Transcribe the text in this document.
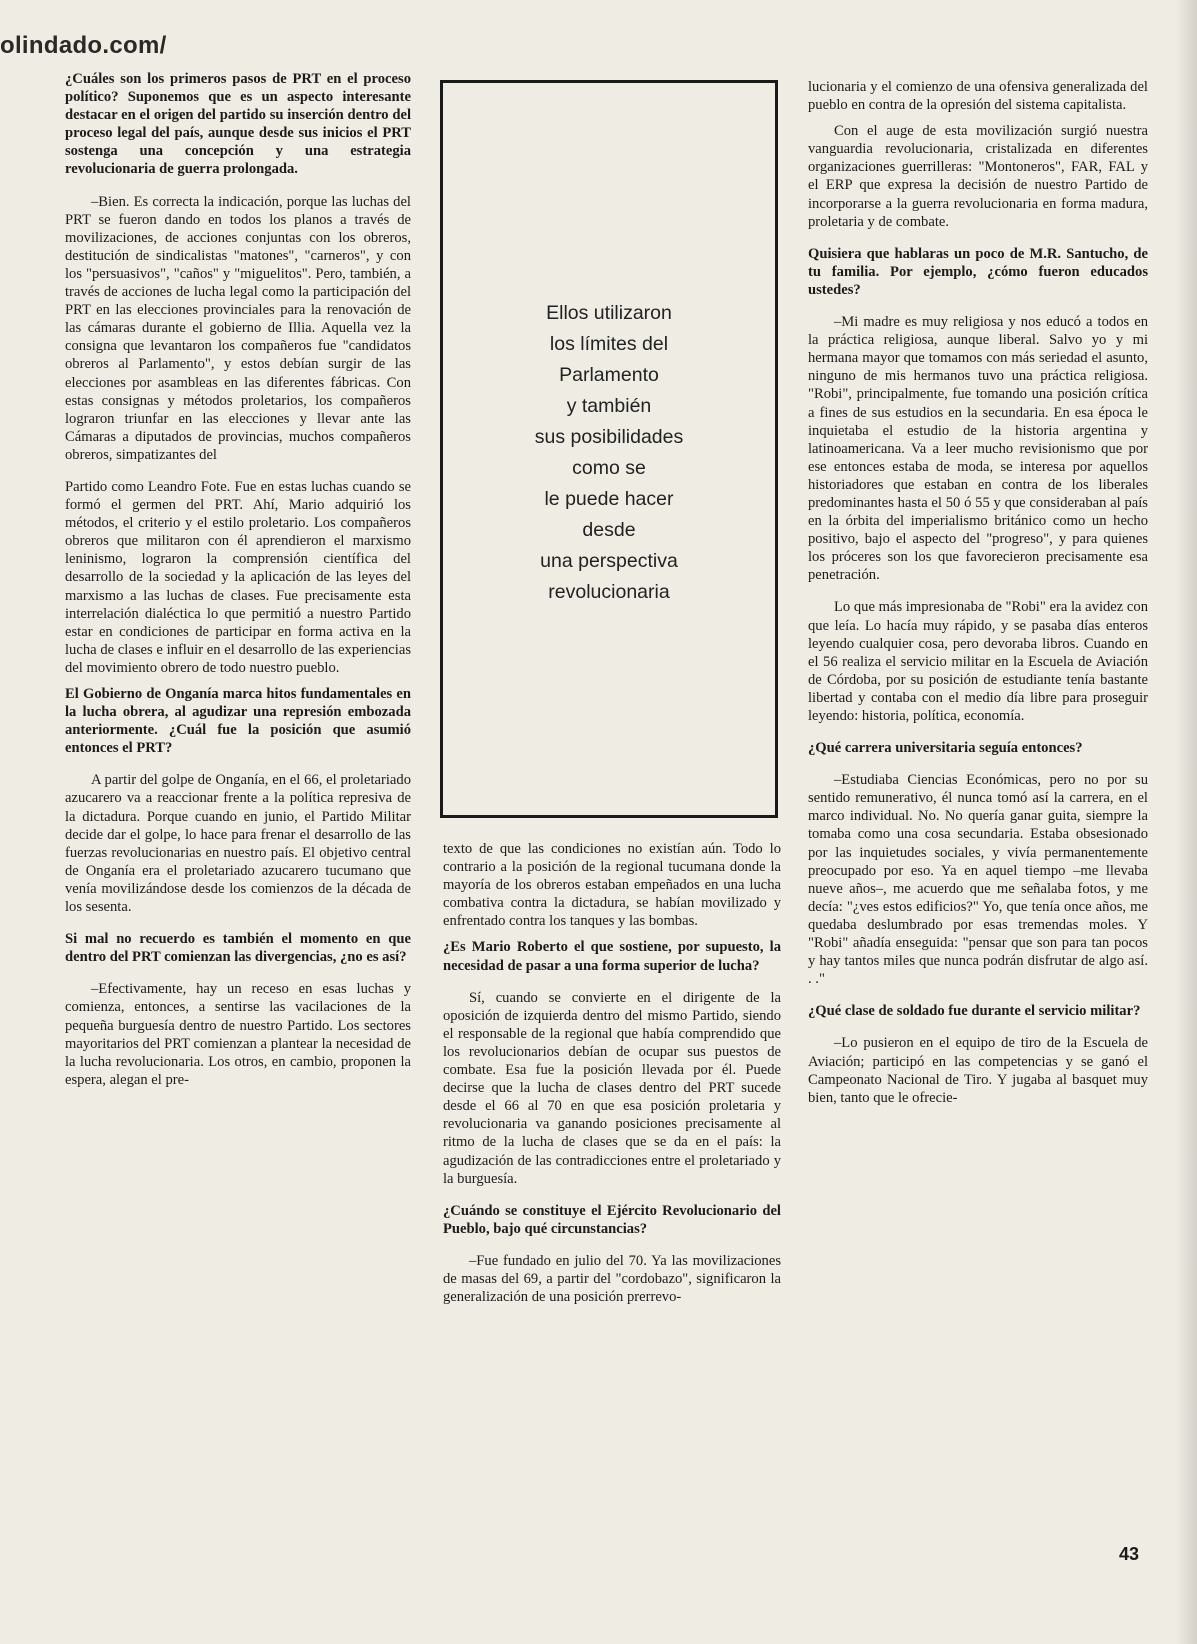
olindado.com/

¿Cuáles son los primeros pasos de PRT en el proceso político? Suponemos que es un aspecto interesante destacar en el origen del partido su inserción dentro del proceso legal del país, aunque desde sus inicios el PRT sostenga una concepción y una estrategia revolucionaria de guerra prolongada.

–Bien. Es correcta la indicación, porque las luchas del PRT se fueron dando en todos los planos a través de movilizaciones, de acciones conjuntas con los obreros, destitución de sindicalistas "matones", "carneros", y con los "persuasivos", "caños" y "miguelitos". Pero, también, a través de acciones de lucha legal como la participación del PRT en las elecciones provinciales para la renovación de las cámaras durante el gobierno de Illia. Aquella vez la consigna que levantaron los compañeros fue "candidatos obreros al Parlamento", y estos debían surgir de las elecciones por asambleas en las diferentes fábricas. Con estas consignas y métodos proletarios, los compañeros lograron triunfar en las elecciones y llevar ante las Cámaras a diputados de provincias, muchos compañeros obreros, simpatizantes del

Partido como Leandro Fote. Fue en estas luchas cuando se formó el germen del PRT. Ahí, Mario adquirió los métodos, el criterio y el estilo proletario. Los compañeros obreros que militaron con él aprendieron el marxismo leninismo, lograron la comprensión científica del desarrollo de la sociedad y la aplicación de las leyes del marxismo a las luchas de clases. Fue precisamente esta interrelación dialéctica lo que permitió a nuestro Partido estar en condiciones de participar en forma activa en la lucha de clases e influir en el desarrollo de las experiencias del movimiento obrero de todo nuestro pueblo.

El Gobierno de Onganía marca hitos fundamentales en la lucha obrera, al agudizar una represión embozada anteriormente. ¿Cuál fue la posición que asumió entonces el PRT?

A partir del golpe de Onganía, en el 66, el proletariado azucarero va a reaccionar frente a la política represiva de la dictadura. Porque cuando en junio, el Partido Militar decide dar el golpe, lo hace para frenar el desarrollo de las fuerzas revolucionarias en nuestro país. El objetivo central de Onganía era el proletariado azucarero tucumano que venía movilizándose desde los comienzos de la década de los sesenta.

Si mal no recuerdo es también el momento en que dentro del PRT comienzan las divergencias, ¿no es así?

–Efectivamente, hay un receso en esas luchas y comienza, entonces, a sentirse las vacilaciones de la pequeña burguesía dentro de nuestro Partido. Los sectores mayoritarios del PRT comienzan a plantear la necesidad de la lucha revolucionaria. Los otros, en cambio, proponen la espera, alegan el pre-

Ellos utilizaron
los límites del
Parlamento
y también
sus posibilidades
como se
le puede hacer
desde
una perspectiva
revolucionaria

texto de que las condiciones no existían aún. Todo lo contrario a la posición de la regional tucumana donde la mayoría de los obreros estaban empeñados en una lucha combativa contra la dictadura, se habían movilizado y enfrentado contra los tanques y las bombas.

¿Es Mario Roberto el que sostiene, por supuesto, la necesidad de pasar a una forma superior de lucha?

Sí, cuando se convierte en el dirigente de la oposición de izquierda dentro del mismo Partido, siendo el responsable de la regional que había comprendido que los revolucionarios debían de ocupar sus puestos de combate. Esa fue la posición llevada por él. Puede decirse que la lucha de clases dentro del PRT sucede desde el 66 al 70 en que esa posición proletaria y revolucionaria va ganando posiciones precisamente al ritmo de la lucha de clases que se da en el país: la agudización de las contradicciones entre el proletariado y la burguesía.

¿Cuándo se constituye el Ejército Revolucionario del Pueblo, bajo qué circunstancias?

–Fue fundado en julio del 70. Ya las movilizaciones de masas del 69, a partir del "cordobazo", significaron la generalización de una posición prerrevo-

lucionaria y el comienzo de una ofensiva generalizada del pueblo en contra de la opresión del sistema capitalista.

Con el auge de esta movilización surgió nuestra vanguardia revolucionaria, cristalizada en diferentes organizaciones guerrilleras: "Montoneros", FAR, FAL y el ERP que expresa la decisión de nuestro Partido de incorporarse a la guerra revolucionaria en forma madura, proletaria y de combate.

Quisiera que hablaras un poco de M.R. Santucho, de tu familia. Por ejemplo, ¿cómo fueron educados ustedes?

–Mi madre es muy religiosa y nos educó a todos en la práctica religiosa, aunque liberal. Salvo yo y mi hermana mayor que tomamos con más seriedad el asunto, ninguno de mis hermanos tuvo una práctica religiosa. "Robi", principalmente, fue tomando una posición crítica a fines de sus estudios en la secundaria. En esa época le inquietaba el estudio de la historia argentina y latinoamericana. Va a leer mucho revisionismo que por ese entonces estaba de moda, se interesa por aquellos historiadores que estaban en contra de los liberales predominantes hasta el 50 ó 55 y que consideraban al país en la órbita del imperialismo británico como un hecho positivo, bajo el aspecto del "progreso", y para quienes los próceres son los que favorecieron precisamente esa penetración.

Lo que más impresionaba de "Robi" era la avidez con que leía. Lo hacía muy rápido, y se pasaba días enteros leyendo cualquier cosa, pero devoraba libros. Cuando en el 56 realiza el servicio militar en la Escuela de Aviación de Córdoba, por su posición de estudiante tenía bastante libertad y contaba con el medio día libre para proseguir leyendo: historia, política, economía.

¿Qué carrera universitaria seguía entonces?

–Estudiaba Ciencias Económicas, pero no por su sentido remunerativo, él nunca tomó así la carrera, en el marco individual. No. No quería ganar guita, siempre la tomaba como una cosa secundaria. Estaba obsesionado por las inquietudes sociales, y vivía permanentemente preocupado por eso. Ya en aquel tiempo –me llevaba nueve años–, me acuerdo que me señalaba fotos, y me decía: "¿ves estos edificios?" Yo, que tenía once años, me quedaba deslumbrado por esas tremendas moles. Y "Robi" añadía enseguida: "pensar que son para tan pocos y hay tantos miles que nunca podrán disfrutar de algo así. . ."

¿Qué clase de soldado fue durante el servicio militar?

–Lo pusieron en el equipo de tiro de la Escuela de Aviación; participó en las competencias y se ganó el Campeonato Nacional de Tiro. Y jugaba al basquet muy bien, tanto que le ofrecie-

43
